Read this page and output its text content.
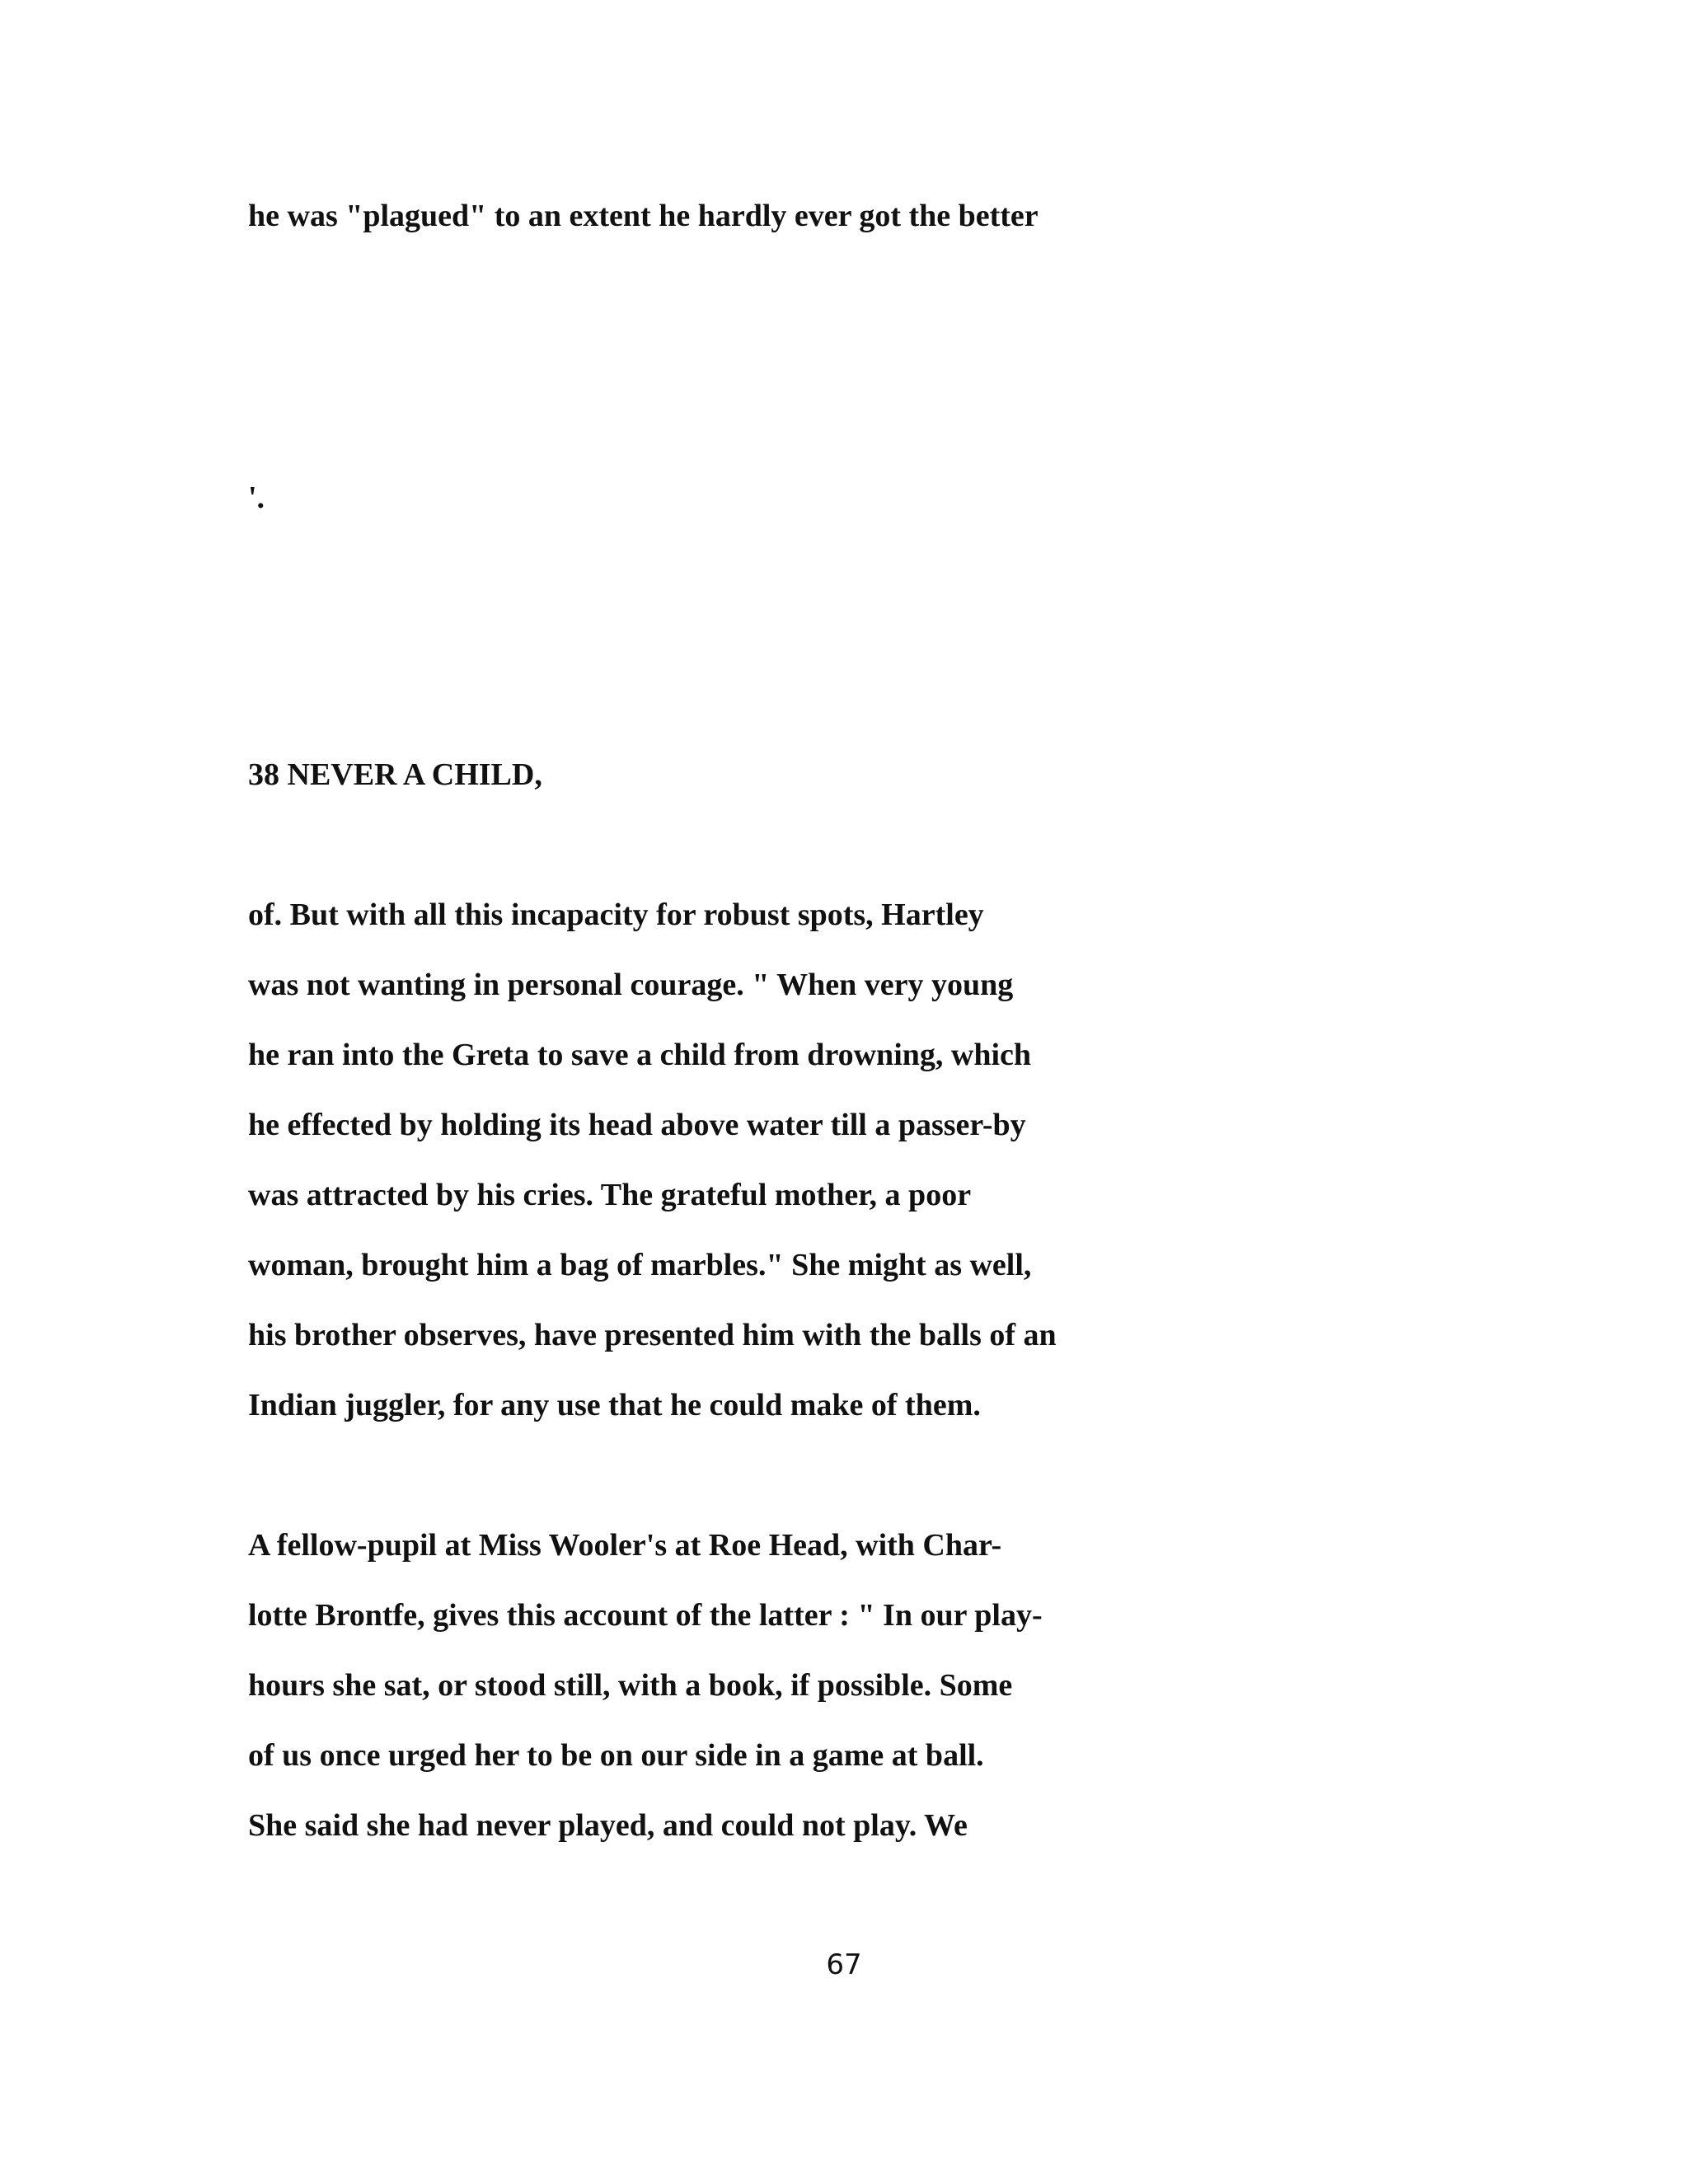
he was "plagued" to an extent he hardly ever got the better
'.
38 NEVER A CHILD,
of. But with all this incapacity for robust spots, Hartley
was not wanting in personal courage. " When very young
he ran into the Greta to save a child from drowning, which
he effected by holding its head above water till a passer-by
was attracted by his cries. The grateful mother, a poor
woman, brought him a bag of marbles." She might as well,
his brother observes, have presented him with the balls of an
Indian juggler, for any use that he could make of them.
A fellow-pupil at Miss Wooler's at Roe Head, with Char-
lotte Brontfe, gives this account of the latter : " In our play-
hours she sat, or stood still, with a book, if possible. Some
of us once urged her to be on our side in a game at ball.
She said she had never played, and could not play. We
67
